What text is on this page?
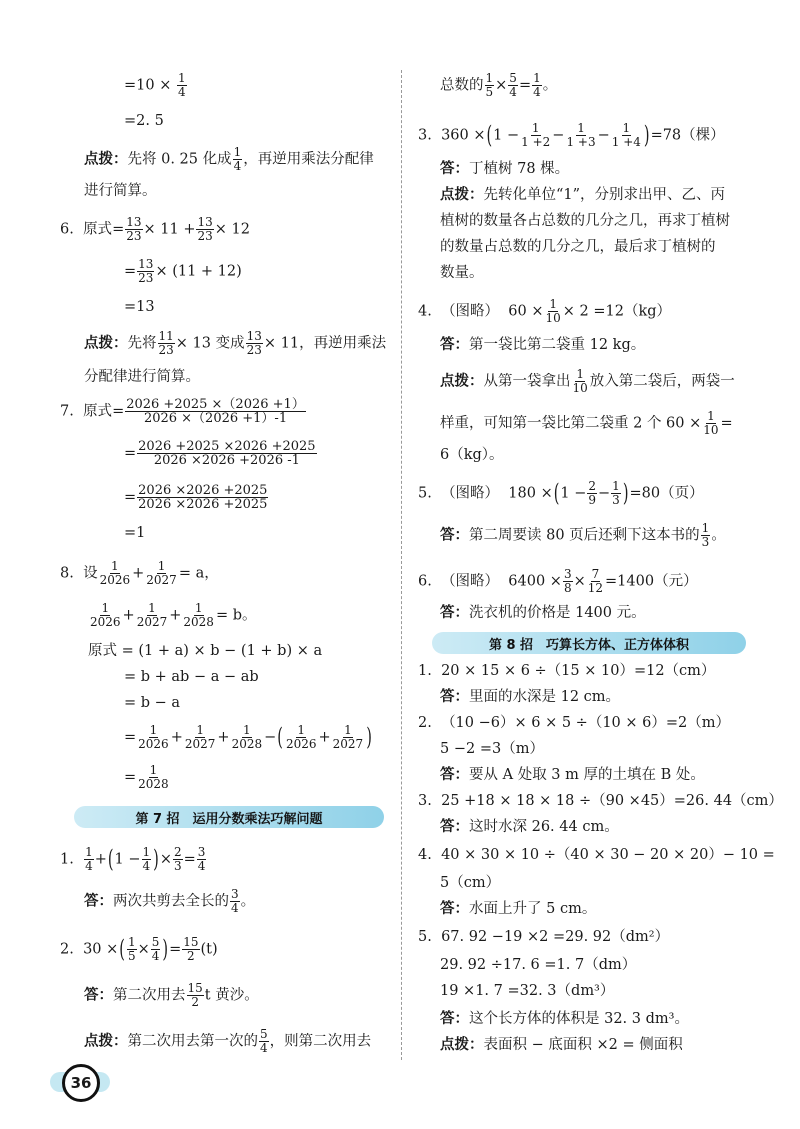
$=10 \times \frac{1}{4}$
=2. 5
点拨：先将 0. 25 化成 $\frac{1}{4}$ ，再逆用乘法分配律
进行简算。
6. 原式= $\frac{13}{23} \times 11 + \frac{13}{23} \times 12$
= $\frac{13}{23} \times (11 + 12)$
=13
点拨：先将 $\frac{11}{23} \times 13$ 变成 $\frac{13}{23} \times 11$，再逆用乘法
分配律进行简算。
7. 原式= $\frac{2026 +2025 \times(2026 +1)}{2026 \times(2026 +1)-1}$
= $\frac{2026 +2025 \times 2026 +2025}{2026 \times 2026 +2026 -1}$
= $\frac{2026 \times 2026 +2025}{2026 \times 2026 +2025}$
=1
8. 设 $\frac{1}{2026} + \frac{1}{2027} = a$，
$\frac{1}{2026} + \frac{1}{2027} + \frac{1}{2028} = b$。
原式 = (1 + a) × b − (1 + b) × a
= b + ab − a − ab
= b − a
= $\frac{1}{2026} + \frac{1}{2027} + \frac{1}{2028}$ −( $\frac{1}{2026} + \frac{1}{2027}$ )
= $\frac{1}{2028}$
第 7 招　运用分数乘法巧解问题
1. $\frac{1}{4} +(1 - \frac{1}{4}$ )× $\frac{2}{3} = \frac{3}{4}$
答：两次共剪去全长的 $\frac{3}{4}$ 。
2. 30 ×( $\frac{1}{5} \times \frac{5}{4}$ )= $\frac{15}{2} (t)$
答：第二次用去 $\frac{15}{2}$ t 黄沙。
点拨：第二次用去第一次的 $\frac{5}{4}$ ，则第二次用去
总数的 $\frac{1}{5} \times \frac{5}{4} = \frac{1}{4}$ 。
3. $360 \times(1 - \frac{1}{1 +2} - \frac{1}{1 +3} - \frac{1}{1 +4} )=78$（棵）
答：丁植树 78 棵。
点拨：先转化单位“1”，分别求出甲、乙、丙
植树的数量各占总数的几分之几，再求丁植树
的数量占总数的几分之几，最后求丁植树的
数量。
4. （图略） $60 \times \frac{1}{10} \times 2 =12(kg)$
答：第一袋比第二袋重 12 kg。
点拨：从第一袋拿出 $\frac{1}{10}$ 放入第二袋后，两袋一
样重，可知第一袋比第二袋重 2 个 $60 \times \frac{1}{10}$ =
6（kg）。
5. （图略） $180 \times(1 - \frac{2}{9} - \frac{1}{3} )=80$（页）
答：第二周要读 80 页后还剩下这本书的 $\frac{1}{3}$ 。
6. （图略） $6400 \times \frac{3}{8} \times \frac{7}{12} =1400$（元）
答：洗衣机的价格是 1400 元。
第 8 招　巧算长方体、正方体体积
1. 20 × 15 × 6 ÷（15 × 10）=12（cm）
答：里面的水深是 12 cm。
2. （10 −6）× 6 × 5 ÷（10 × 6）=2（m）
5 −2 =3（m）
答：要从 A 处取 3 m 厚的土填在 B 处。
3. 25 +18 × 18 × 18 ÷（90 ×45）=26. 44（cm）
答：这时水深 26. 44 cm。
4. 40 × 30 × 10 ÷（40 × 30 − 20 × 20）− 10 =
5（cm）
答：水面上升了 5 cm。
5. 67. 92 −19 ×2 =29. 92（dm²）
29. 92 ÷17. 6 =1. 7（dm）
19 ×1. 7 =32. 3（dm³）
答：这个长方体的体积是 32. 3 dm³。
点拨：表面积 − 底面积 ×2 = 侧面积
36
